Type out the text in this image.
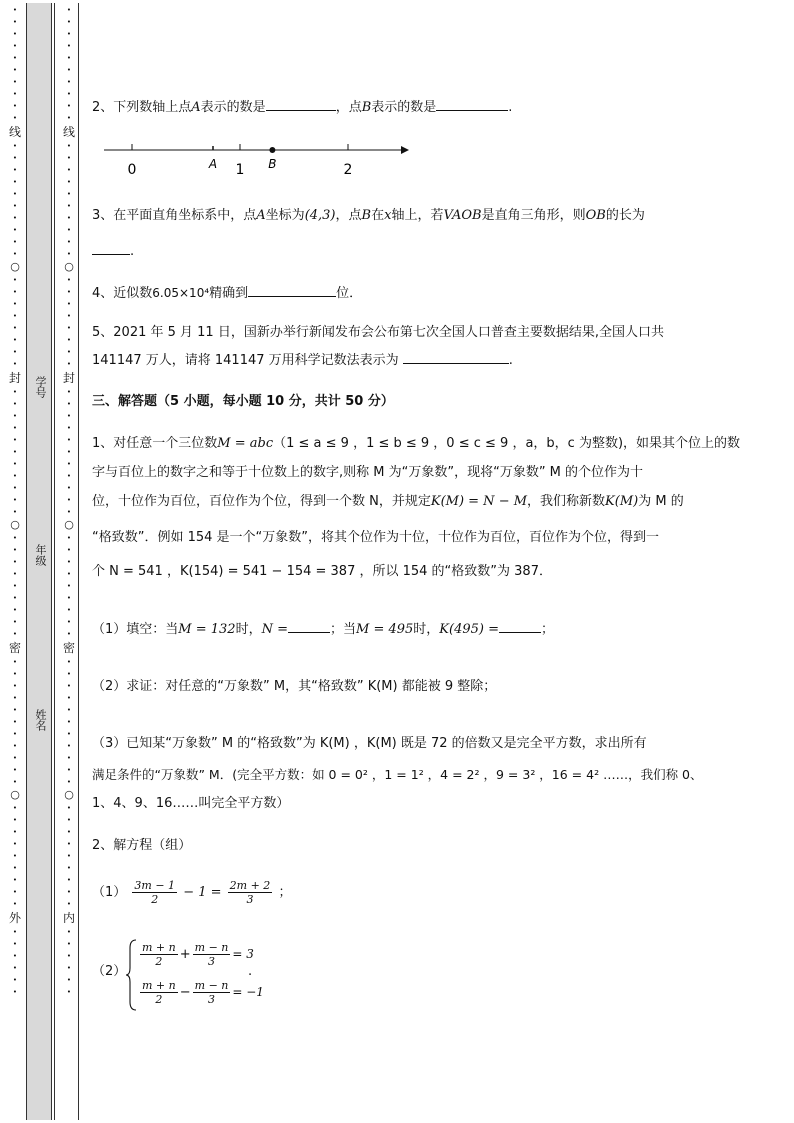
学号
年级
姓名
•
•
•
•
•
•
•
•
•
•
线
•
•
•
•
•
•
•
•
•
•
○
•
•
•
•
•
•
•
•
封
•
•
•
•
•
•
•
•
•
•
•
○
•
•
•
•
•
•
•
•
•
密
•
•
•
•
•
•
•
•
•
•
•
○
•
•
•
•
•
•
•
•
•
外
•
•
•
•
•
•
•
•
•
•
•
•
•
•
•
•
线
•
•
•
•
•
•
•
•
•
•
○
•
•
•
•
•
•
•
•
封
•
•
•
•
•
•
•
•
•
•
•
○
•
•
•
•
•
•
•
•
•
密
•
•
•
•
•
•
•
•
•
•
•
○
•
•
•
•
•
•
•
•
•
内
•
•
•
•
•
•
2、下列数轴上点A表示的数是	，点B表示的数是	.
0	1	2
A	B
3、在平面直角坐标系中，点A坐标为(4,3)，点B在x轴上，若VAOB是直角三角形，则OB的长为
.
4、近似数6.05×10⁴精确到	位．
5、2021 年 5 月 11 日，国新办举行新闻发布会公布第七次全国人口普查主要数据结果,全国人口共
141147 万人，请将 141147 万用科学记数法表示为	.
三、解答题（5 小题，每小题 10 分，共计 50 分）
1、对任意一个三位数M = abc（1 ≤ a ≤ 9 ，1 ≤ b ≤ 9 ，0 ≤ c ≤ 9 ，a，b，c 为整数)，如果其个位上的数
字与百位上的数字之和等于十位数上的数字,则称 M 为“万象数”，现将“万象数” M 的个位作为十
位，十位作为百位，百位作为个位，得到一个数 N，并规定K(M) = N − M，我们称新数K(M)为 M 的
“格致数”．例如 154 是一个“万象数”，将其个位作为十位，十位作为百位，百位作为个位，得到一
个 N = 541 ，K(154) = 541 − 154 = 387 ，所以 154 的“格致数”为 387．
（1）填空：当M = 132时，N =	；当M = 495时，K(495) =	；
（2）求证：对任意的“万象数” M，其“格致数” K(M) 都能被 9 整除；
（3）已知某“万象数” M 的“格致数”为 K(M) ，K(M) 既是 72 的倍数又是完全平方数，求出所有
满足条件的“万象数” M．(完全平方数：如 0 = 0² ，1 = 1² ，4 = 2² ，9 = 3² ，16 = 4² ……，我们称 0、
1、4、9、16……叫完全平方数）
2、解方程（组）
$(1) \frac{3m - 1}{2} - 1 = \frac{2m + 2}{3}$ ；
（2）
$\frac{m + n}{2} + \frac{m - n}{3} = 3$
$\frac{m + n}{2} - \frac{m - n}{3} = -1$
.
